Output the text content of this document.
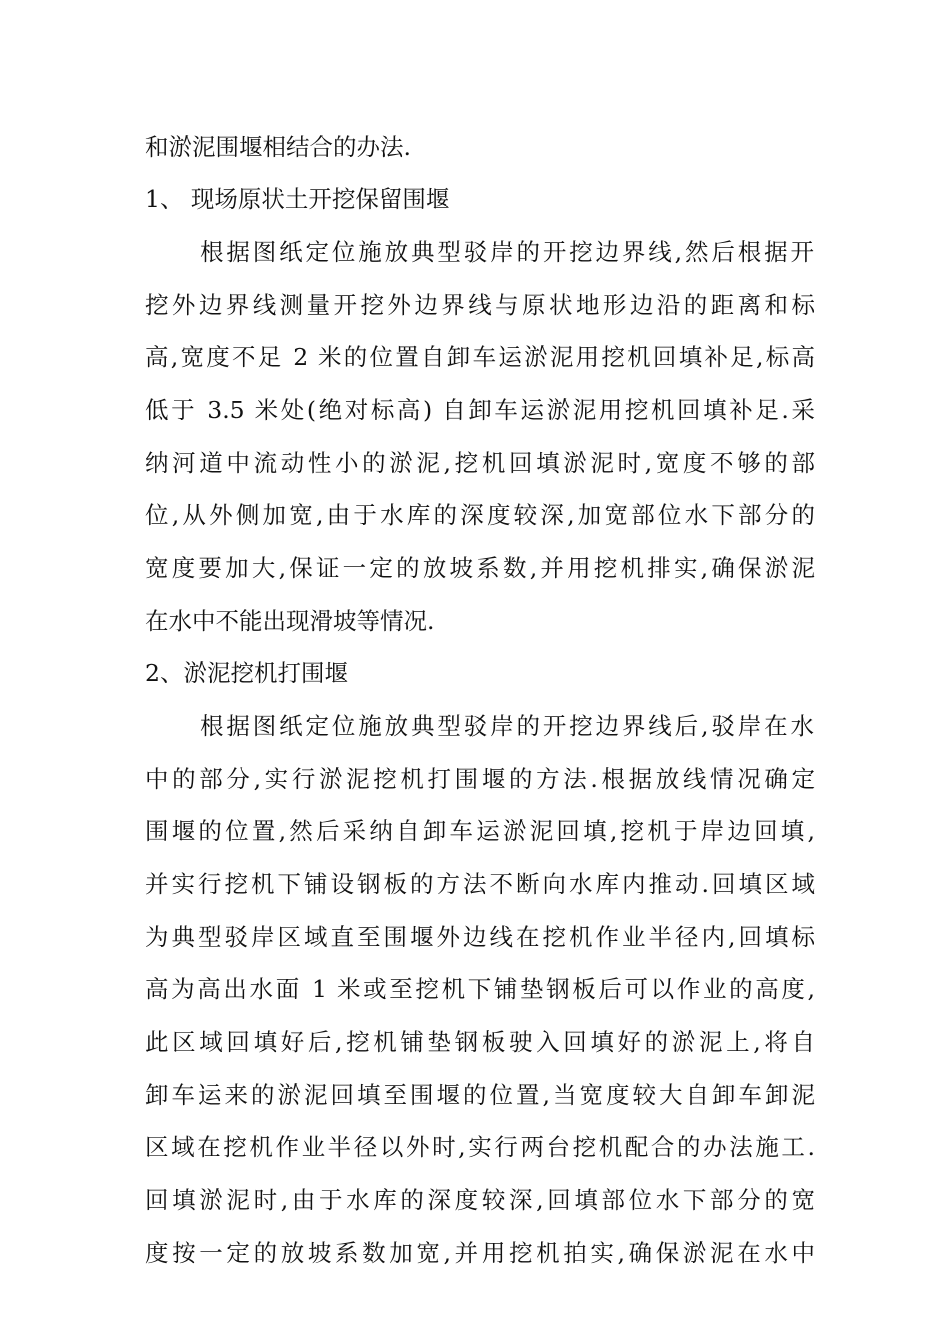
和淤泥围堰相结合的办法.
1、 现场原状土开挖保留围堰
根据图纸定位施放典型驳岸的开挖边界线,然后根据开
挖外边界线测量开挖外边界线与原状地形边沿的距离和标
高,宽度不足 2 米的位置自卸车运淤泥用挖机回填补足,标高
低于 3.5 米处(绝对标高) 自卸车运淤泥用挖机回填补足.采
纳河道中流动性小的淤泥,挖机回填淤泥时,宽度不够的部
位,从外侧加宽,由于水库的深度较深,加宽部位水下部分的
宽度要加大,保证一定的放坡系数,并用挖机排实,确保淤泥
在水中不能出现滑坡等情况.
2、淤泥挖机打围堰
根据图纸定位施放典型驳岸的开挖边界线后,驳岸在水
中的部分,实行淤泥挖机打围堰的方法.根据放线情况确定
围堰的位置,然后采纳自卸车运淤泥回填,挖机于岸边回填,
并实行挖机下铺设钢板的方法不断向水库内推动.回填区域
为典型驳岸区域直至围堰外边线在挖机作业半径内,回填标
高为高出水面 1 米或至挖机下铺垫钢板后可以作业的高度,
此区域回填好后,挖机铺垫钢板驶入回填好的淤泥上,将自
卸车运来的淤泥回填至围堰的位置,当宽度较大自卸车卸泥
区域在挖机作业半径以外时,实行两台挖机配合的办法施工.
回填淤泥时,由于水库的深度较深,回填部位水下部分的宽
度按一定的放坡系数加宽,并用挖机拍实,确保淤泥在水中
